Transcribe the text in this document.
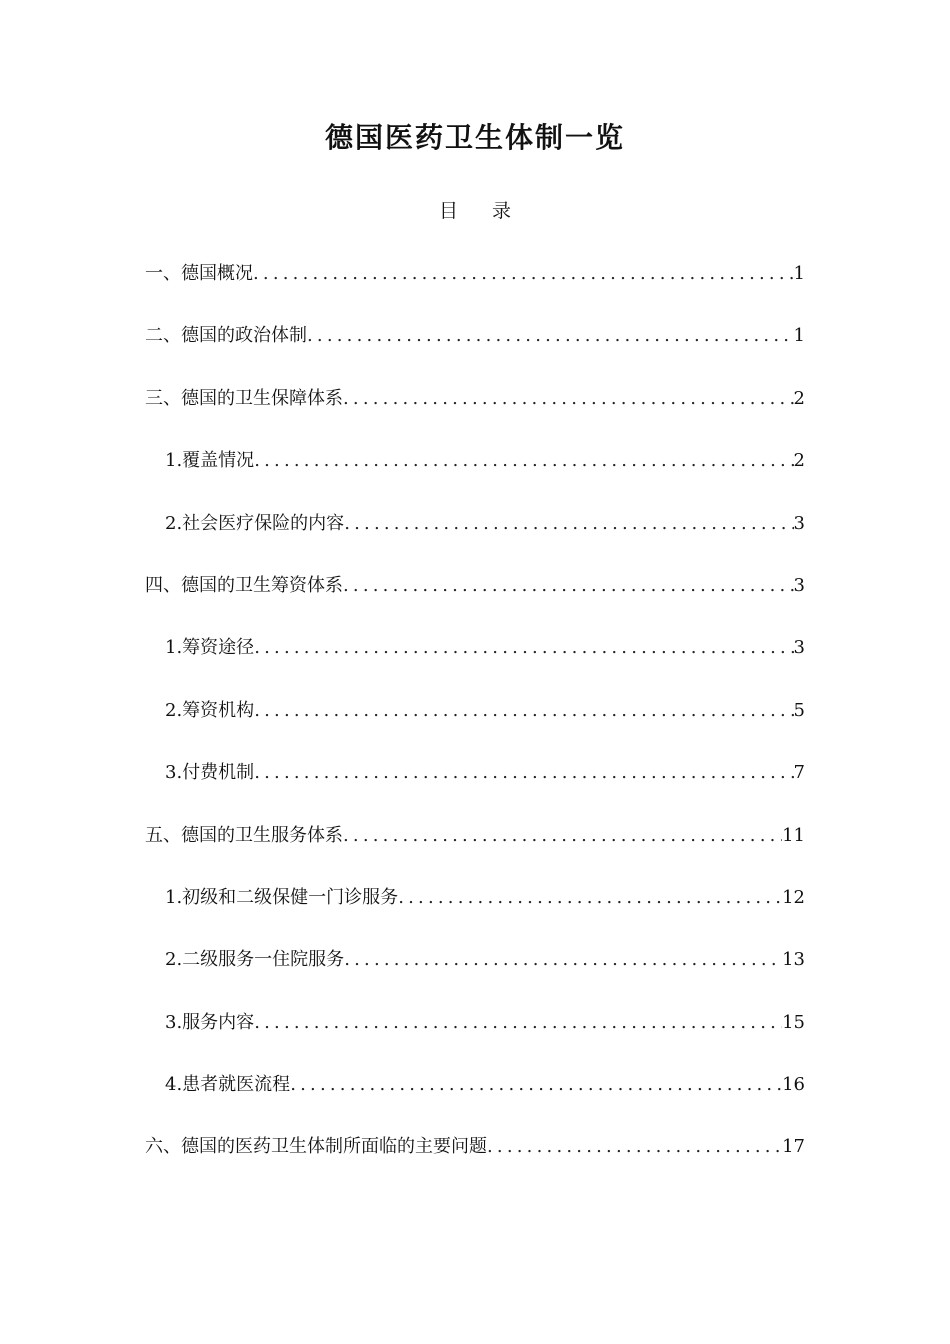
德国医药卫生体制一览
目 录
一、德国概况 .....	1
二、德国的政治体制 .....	1
三、德国的卫生保障体系 .....	2
1.覆盖情况 .....	2
2.社会医疗保险的内容 .....	3
四、德国的卫生筹资体系 .....	3
1.筹资途径 .....	3
2.筹资机构 .....	5
3.付费机制 .....	7
五、德国的卫生服务体系 .....	11
1.初级和二级保健一门诊服务 .....	12
2.二级服务一住院服务 .....	13
3.服务内容 .....	15
4.患者就医流程 .....	16
六、德国的医药卫生体制所面临的主要问题 .....	17
